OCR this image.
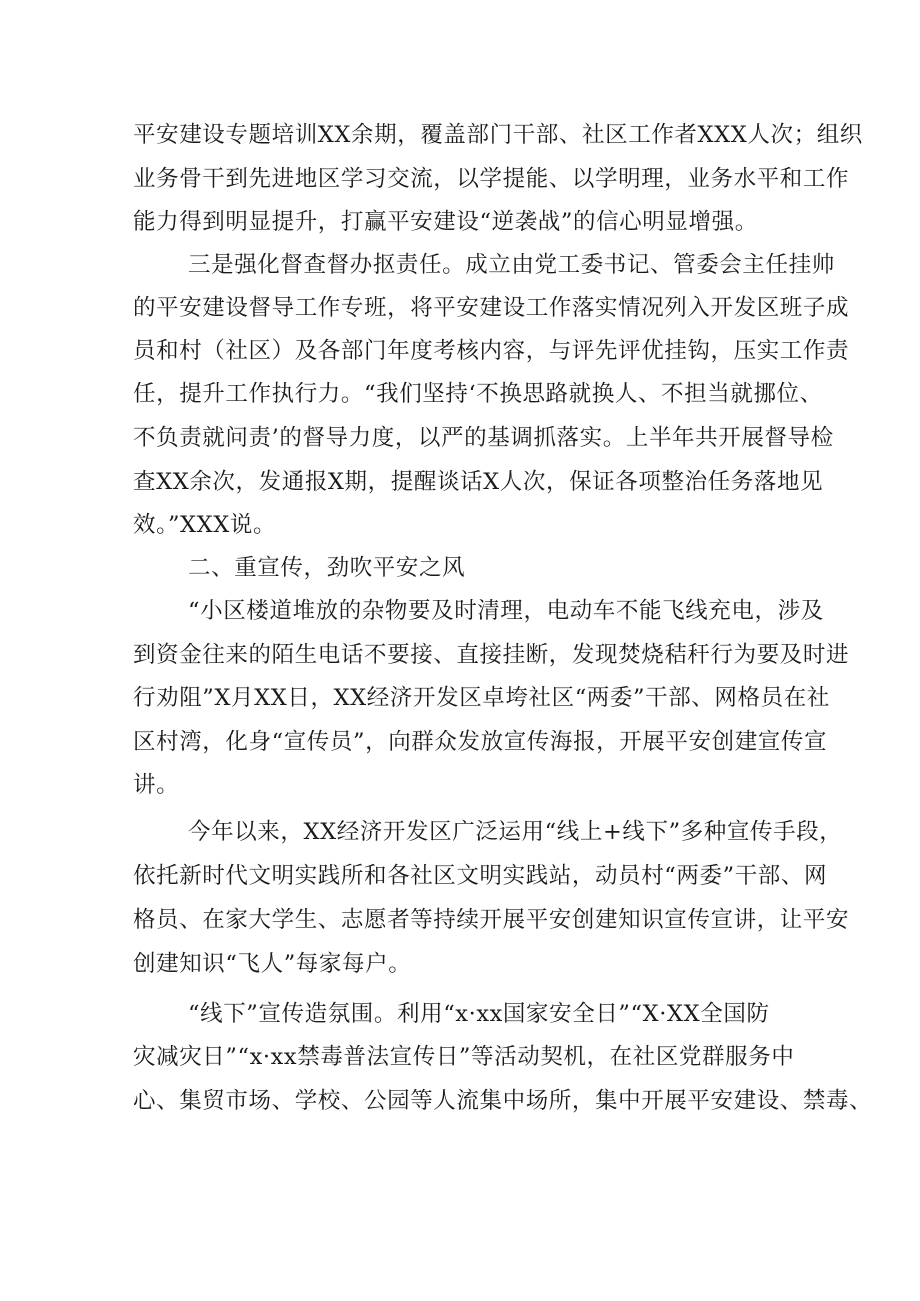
平安建设专题培训XX余期，覆盖部门干部、社区工作者XXX人次；组织
业务骨干到先进地区学习交流，以学提能、以学明理，业务水平和工作
能力得到明显提升，打赢平安建设“逆袭战”的信心明显增强。
三是强化督查督办抠责任。成立由党工委书记、管委会主任挂帅
的平安建设督导工作专班，将平安建设工作落实情况列入开发区班子成
员和村（社区）及各部门年度考核内容，与评先评优挂钩，压实工作责
任，提升工作执行力。“我们坚持‘不换思路就换人、不担当就挪位、
不负责就问责’的督导力度，以严的基调抓落实。上半年共开展督导检
查XX余次，发通报X期，提醒谈话X人次，保证各项整治任务落地见
效。”XXX说。
二、重宣传，劲吹平安之风
“小区楼道堆放的杂物要及时清理，电动车不能飞线充电，涉及
到资金往来的陌生电话不要接、直接挂断，发现焚烧秸秆行为要及时进
行劝阻”X月XX日，XX经济开发区卓垮社区“两委”干部、网格员在社
区村湾，化身“宣传员”，向群众发放宣传海报，开展平安创建宣传宣
讲。
今年以来，XX经济开发区广泛运用“线上+线下”多种宣传手段，
依托新时代文明实践所和各社区文明实践站，动员村“两委”干部、网
格员、在家大学生、志愿者等持续开展平安创建知识宣传宣讲，让平安
创建知识“飞人”每家每户。
“线下”宣传造氛围。利用“x·xx国家安全日”“X·XX全国防
灾减灾日”“x·xx禁毒普法宣传日”等活动契机，在社区党群服务中
心、集贸市场、学校、公园等人流集中场所，集中开展平安建设、禁毒、
